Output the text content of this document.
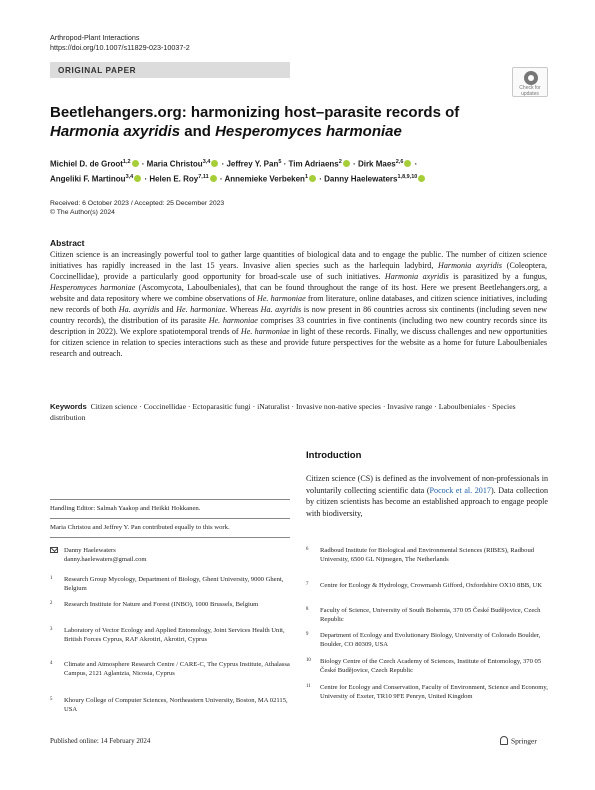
Arthropod-Plant Interactions
https://doi.org/10.1007/s11829-023-10037-2
ORIGINAL PAPER
Check for
updates
Beetlehangers.org: harmonizing host–parasite records of Harmonia axyridis and Hesperomyces harmoniae
Michiel D. de Groot$^{1,2}$ · Maria Christou$^{3,4}$ · Jeffrey Y. Pan$^5$ · Tim Adriaens$^2$ · Dirk Maes$^{2,6}$ ·
Angeliki F. Martinou$^{3,4}$ · Helen E. Roy$^{7,11}$ · Annemieke Verbeken$^1$ · Danny Haelewaters$^{1,8,9,10}$
Received: 6 October 2023 / Accepted: 25 December 2023
© The Author(s) 2024
Abstract
Citizen science is an increasingly powerful tool to gather large quantities of biological data and to engage the public. The number of citizen science initiatives has rapidly increased in the last 15 years. Invasive alien species such as the harlequin ladybird, Harmonia axyridis (Coleoptera, Coccinellidae), provide a particularly good opportunity for broad-scale use of such initiatives. Harmonia axyridis is parasitized by a fungus, Hesperomyces harmoniae (Ascomycota, Laboulbeniales), that can be found throughout the range of its host. Here we present Beetlehangers.org, a website and data repository where we combine observations of He. harmoniae from literature, online databases, and citizen science initiatives, including new records of both Ha. axyridis and He. harmoniae. Whereas Ha. axyridis is now present in 86 countries across six continents (including seven new country records), the distribution of its parasite He. harmoniae comprises 33 countries in five continents (including two new country records since its description in 2022). We explore spatiotemporal trends of He. harmoniae in light of these records. Finally, we discuss challenges and new opportunities for citizen science in relation to species interactions such as these and provide future perspectives for the website as a home for future Laboulbeniales research and outreach.
Keywords Citizen science · Coccinellidae · Ectoparasitic fungi · iNaturalist · Invasive non-native species · Invasive range · Laboulbeniales · Species distribution
Introduction
Citizen science (CS) is defined as the involvement of non-professionals in voluntarily collecting scientific data (Pocock et al. 2017). Data collection by citizen scientists has become an established approach to engage people with biodiversity,
Handling Editor: Salmah Yaakop and Heikki Hokkanen.
Maria Christou and Jeffrey Y. Pan contributed equally to this work.
Danny Haelewaters
danny.haelewaters@gmail.com
1 Research Group Mycology, Department of Biology, Ghent University, 9000 Ghent, Belgium
2 Research Institute for Nature and Forest (INBO), 1000 Brussels, Belgium
3 Laboratory of Vector Ecology and Applied Entomology, Joint Services Health Unit, British Forces Cyprus, RAF Akrotiri, Akrotiri, Cyprus
4 Climate and Atmosphere Research Centre / CARE-C, The Cyprus Institute, Athalassa Campus, 2121 Aglantzia, Nicosia, Cyprus
5 Khoury College of Computer Sciences, Northeastern University, Boston, MA 02115, USA
6 Radboud Institute for Biological and Environmental Sciences (RIBES), Radboud University, 6500 GL Nijmegen, The Netherlands
7 Centre for Ecology & Hydrology, Crowmarsh Gifford, Oxfordshire OX10 8BB, UK
8 Faculty of Science, University of South Bohemia, 370 05 České Budějovice, Czech Republic
9 Department of Ecology and Evolutionary Biology, University of Colorado Boulder, Boulder, CO 80309, USA
10 Biology Centre of the Czech Academy of Sciences, Institute of Entomology, 370 05 České Budějovice, Czech Republic
11 Centre for Ecology and Conservation, Faculty of Environment, Science and Economy, University of Exeter, TR10 9FE Penryn, United Kingdom
Published online: 14 February 2024	Springer
